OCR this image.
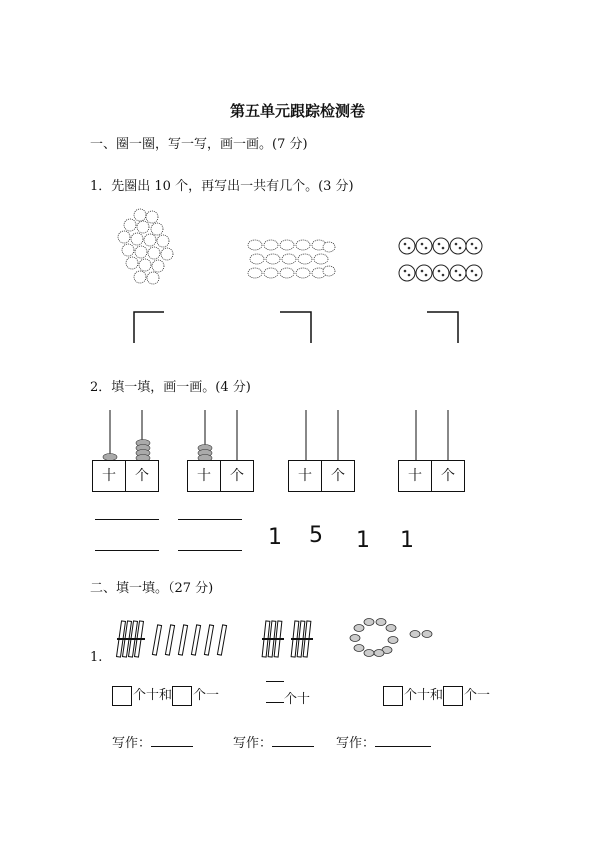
第五单元跟踪检测卷
一、圈一圈，写一写，画一画。(7 分)
1．先圈出 10 个，再写出一共有几个。(3 分)
2．填一填，画一画。(4 分)
十	个	十	个	十	个	十	个
1 5 1 1
二、填一填。（27 分)
1.
个十和 个一	个十	个十和 个一
写作：	写作：	写作：
